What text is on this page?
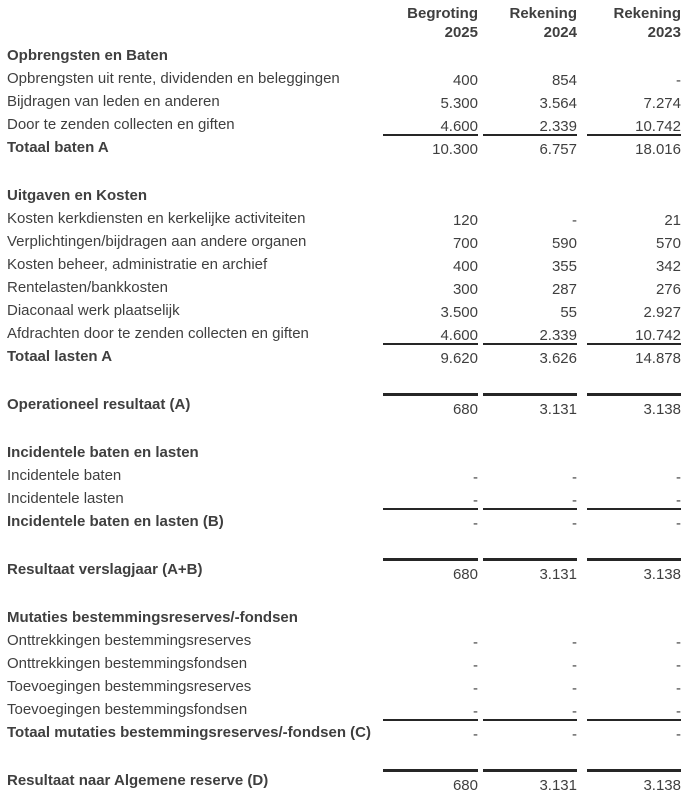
Begroting	Rekening	Rekening
2025	2024	2023
Opbrengsten en Baten
Opbrengsten uit rente, dividenden en beleggingen	400	854	-
Bijdragen van leden en anderen	5.300	3.564	7.274
Door te zenden collecten en giften	4.600	2.339	10.742
Totaal baten A	10.300	6.757	18.016
Uitgaven en Kosten
Kosten kerkdiensten en kerkelijke activiteiten	120	-	21
Verplichtingen/bijdragen aan andere organen	700	590	570
Kosten beheer, administratie en archief	400	355	342
Rentelasten/bankkosten	300	287	276
Diaconaal werk plaatselijk	3.500	55	2.927
Afdrachten door te zenden collecten en giften	4.600	2.339	10.742
Totaal lasten A	9.620	3.626	14.878
Operationeel resultaat (A)	680	3.131	3.138
Incidentele baten en lasten
Incidentele baten	-	-	-
Incidentele lasten	-	-	-
Incidentele baten en lasten (B)	-	-	-
Resultaat verslagjaar (A+B)	680	3.131	3.138
Mutaties bestemmingsreserves/-fondsen
Onttrekkingen bestemmingsreserves	-	-	-
Onttrekkingen bestemmingsfondsen	-	-	-
Toevoegingen bestemmingsreserves	-	-	-
Toevoegingen bestemmingsfondsen	-	-	-
Totaal mutaties bestemmingsreserves/-fondsen (C)	-	-	-
Resultaat naar Algemene reserve (D)	680	3.131	3.138
